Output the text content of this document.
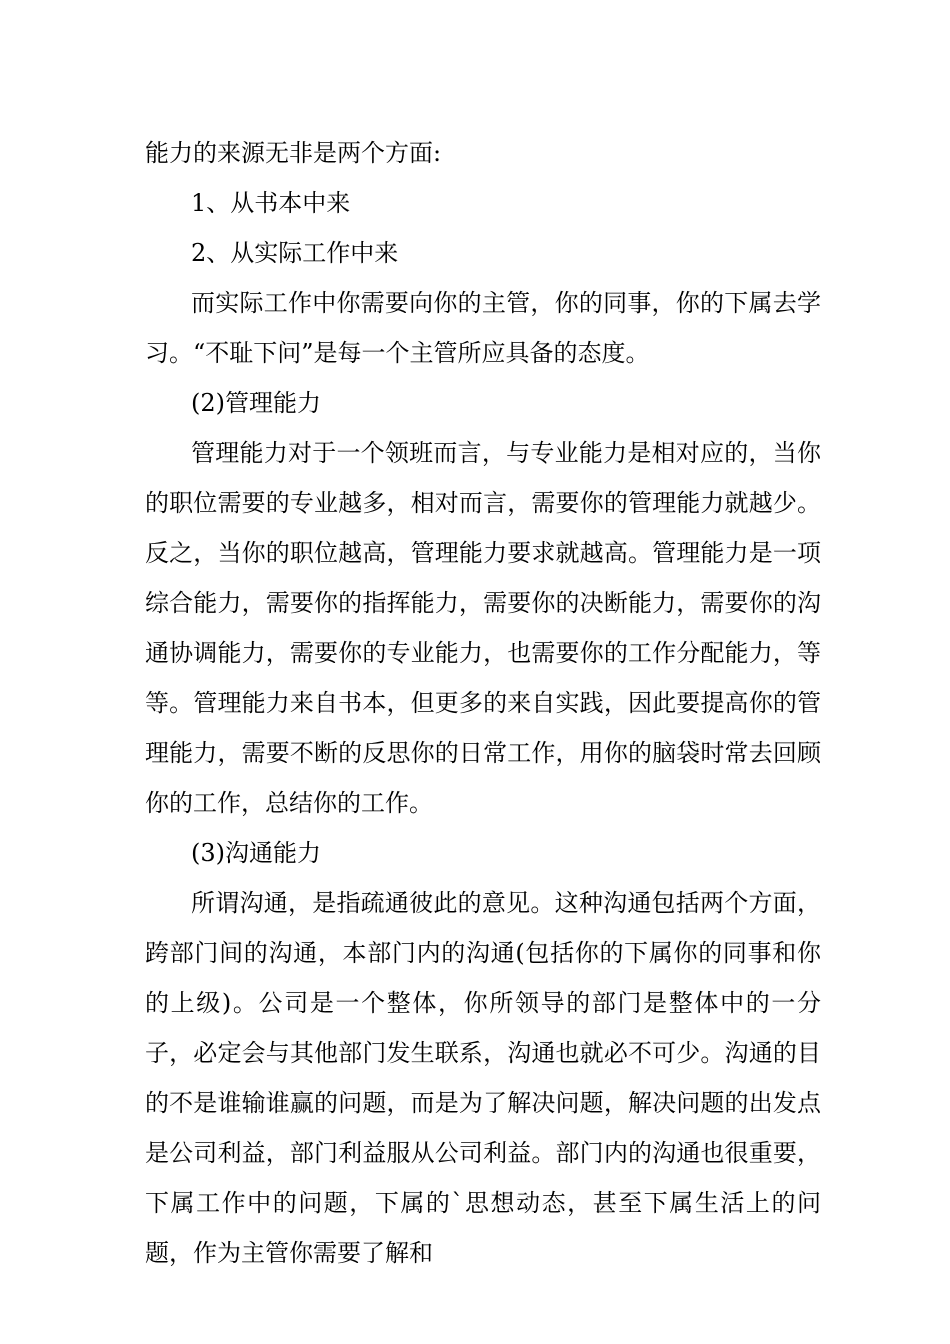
能力的来源无非是两个方面:

1、从书本中来

2、从实际工作中来

而实际工作中你需要向你的主管，你的同事，你的下属去学习。“不耻下问”是每一个主管所应具备的态度。

(2)管理能力

管理能力对于一个领班而言，与专业能力是相对应的，当你的职位需要的专业越多，相对而言，需要你的管理能力就越少。反之，当你的职位越高，管理能力要求就越高。管理能力是一项综合能力，需要你的指挥能力，需要你的决断能力，需要你的沟通协调能力，需要你的专业能力，也需要你的工作分配能力，等等。管理能力来自书本，但更多的来自实践，因此要提高你的管理能力，需要不断的反思你的日常工作，用你的脑袋时常去回顾你的工作，总结你的工作。

(3)沟通能力

所谓沟通，是指疏通彼此的意见。这种沟通包括两个方面，跨部门间的沟通，本部门内的沟通(包括你的下属你的同事和你的上级)。公司是一个整体，你所领导的部门是整体中的一分子，必定会与其他部门发生联系，沟通也就必不可少。沟通的目的不是谁输谁赢的问题，而是为了解决问题，解决问题的出发点是公司利益，部门利益服从公司利益。部门内的沟通也很重要，下属工作中的问题，下属的`思想动态，甚至下属生活上的问题，作为主管你需要了解和
